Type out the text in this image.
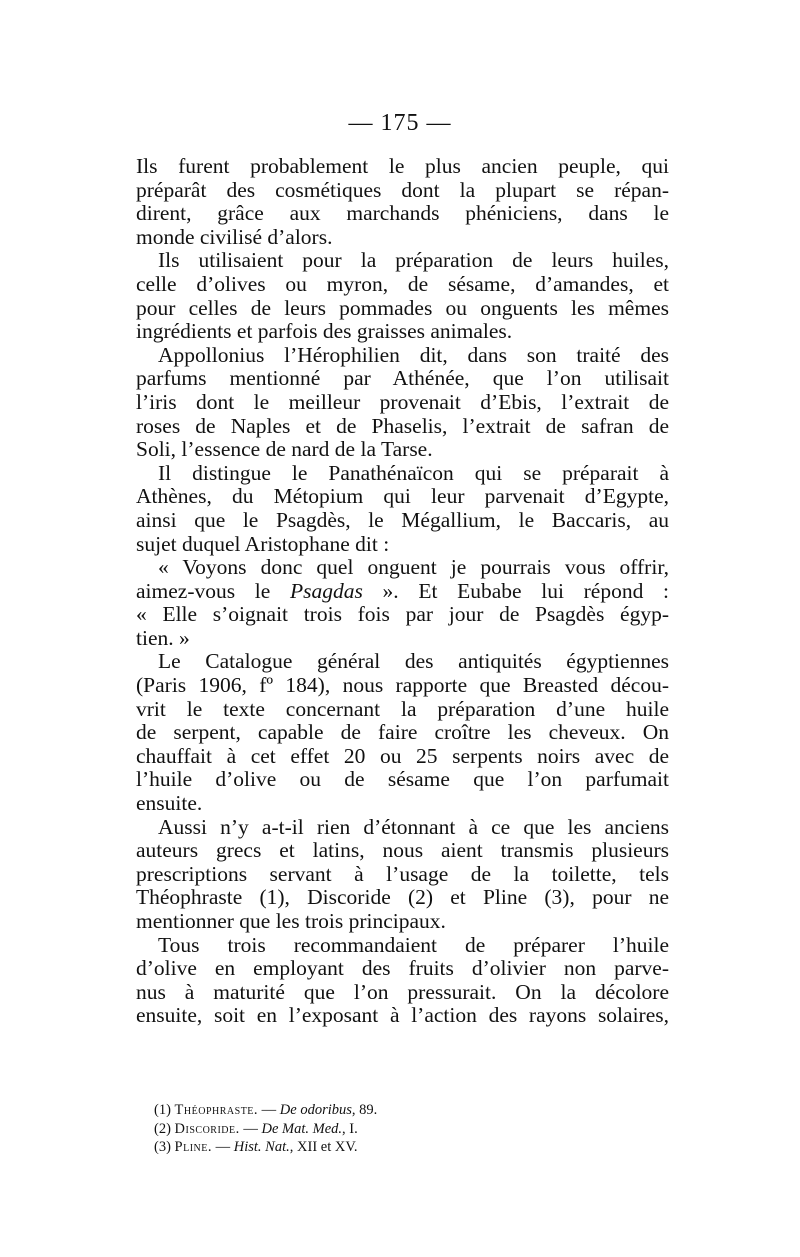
— 175 —
Ils furent probablement le plus ancien peuple, qui
préparât des cosmétiques dont la plupart se répan-
dirent, grâce aux marchands phéniciens, dans le
monde civilisé d’alors.
Ils utilisaient pour la préparation de leurs huiles,
celle d’olives ou myron, de sésame, d’amandes, et
pour celles de leurs pommades ou onguents les mêmes
ingrédients et parfois des graisses animales.
Appollonius l’Hérophilien dit, dans son traité des
parfums mentionné par Athénée, que l’on utilisait
l’iris dont le meilleur provenait d’Ebis, l’extrait de
roses de Naples et de Phaselis, l’extrait de safran de
Soli, l’essence de nard de la Tarse.
Il distingue le Panathénaïcon qui se préparait à
Athènes, du Métopium qui leur parvenait d’Egypte,
ainsi que le Psagdès, le Mégallium, le Baccaris, au
sujet duquel Aristophane dit :
« Voyons donc quel onguent je pourrais vous offrir,
aimez-vous le Psagdas ». Et Eubabe lui répond :
« Elle s’oignait trois fois par jour de Psagdès égyp-
tien. »
Le Catalogue général des antiquités égyptiennes
(Paris 1906, fº 184), nous rapporte que Breasted décou-
vrit le texte concernant la préparation d’une huile
de serpent, capable de faire croître les cheveux. On
chauffait à cet effet 20 ou 25 serpents noirs avec de
l’huile d’olive ou de sésame que l’on parfumait
ensuite.
Aussi n’y a-t-il rien d’étonnant à ce que les anciens
auteurs grecs et latins, nous aient transmis plusieurs
prescriptions servant à l’usage de la toilette, tels
Théophraste (1), Discoride (2) et Pline (3), pour ne
mentionner que les trois principaux.
Tous trois recommandaient de préparer l’huile
d’olive en employant des fruits d’olivier non parve-
nus à maturité que l’on pressurait. On la décolore
ensuite, soit en l’exposant à l’action des rayons solaires,
(1) Théophraste. — De odoribus, 89.
(2) Discoride. — De Mat. Med., I.
(3) Pline. — Hist. Nat., XII et XV.
